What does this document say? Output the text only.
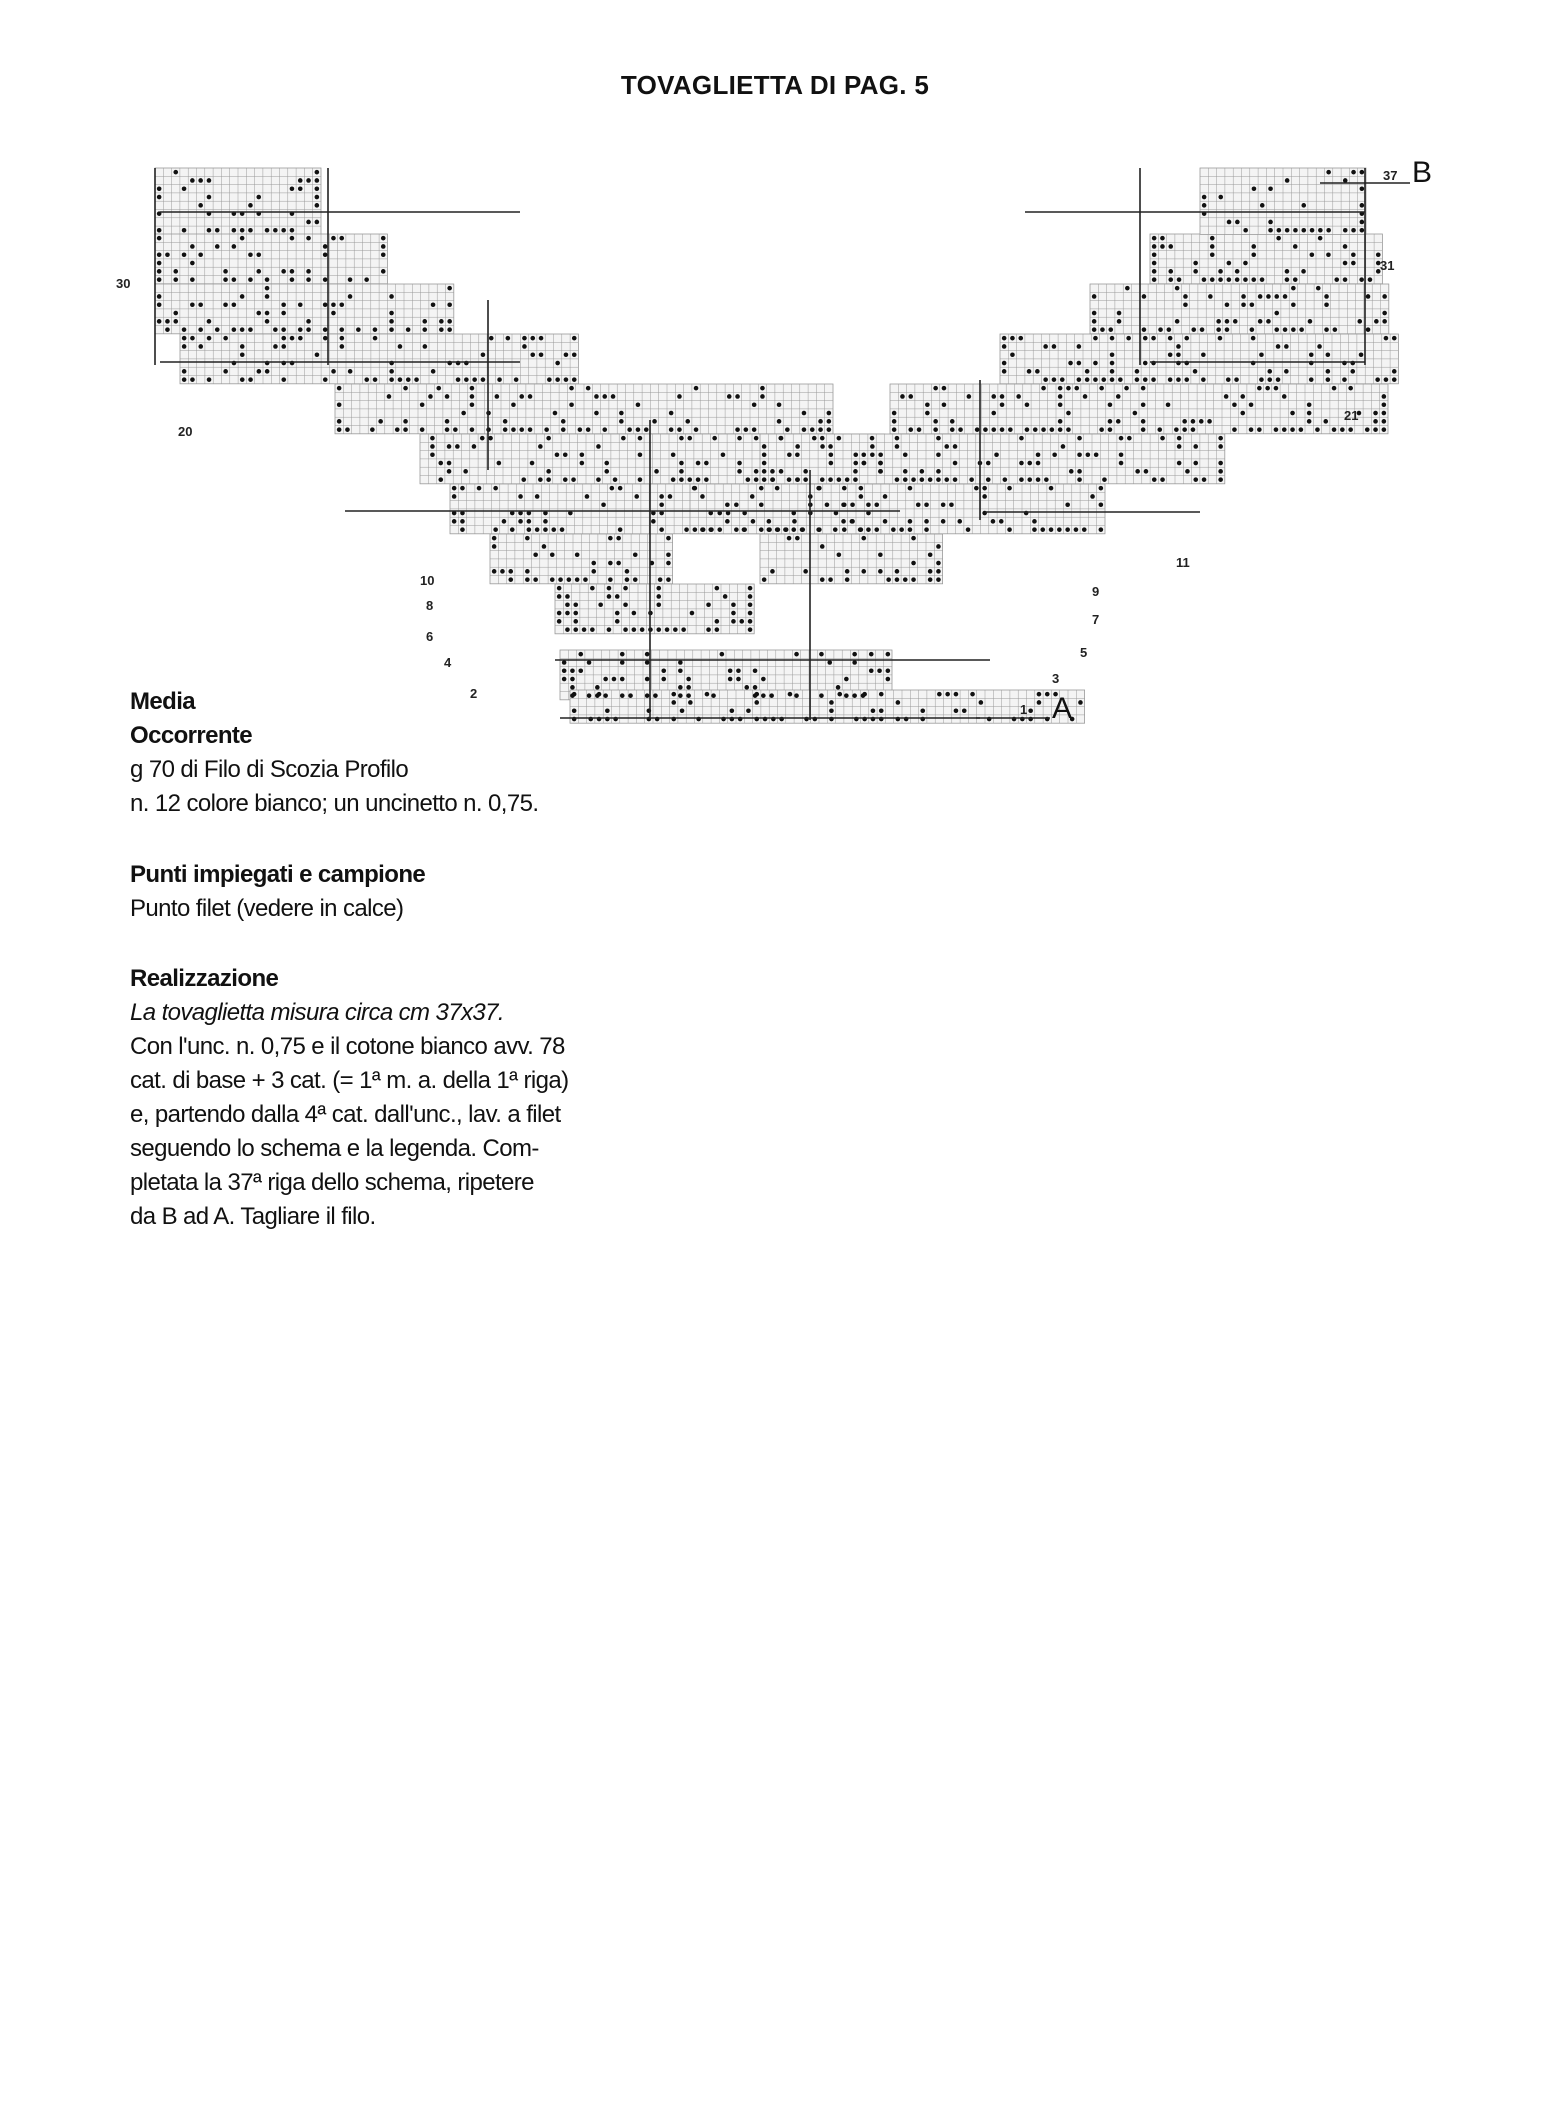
TOVAGLIETTA DI PAG. 5
30
20
10
8
6
4
2
37
31
21
11
9
7
5
3
1 A
B
Media
Occorrente
g 70 di Filo di Scozia Profilo
n. 12 colore bianco; un uncinetto n. 0,75.
Punti impiegati e campione
Punto filet (vedere in calce)
Realizzazione
La tovaglietta misura circa cm 37x37.
Con l'unc. n. 0,75 e il cotone bianco avv. 78
cat. di base + 3 cat. (= 1ª m. a. della 1ª riga)
e, partendo dalla 4ª cat. dall'unc., lav. a filet
seguendo lo schema e la legenda. Com-
pletata la 37ª riga dello schema, ripetere
da B ad A. Tagliare il filo.
